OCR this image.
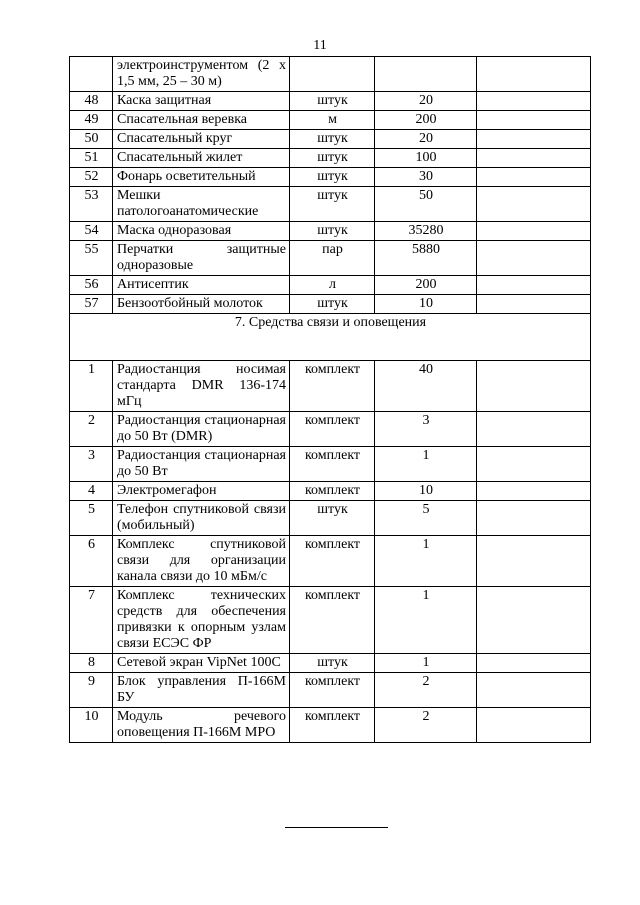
11
	электроинструментом (2 х 1,5 мм, 25 – 30 м)			
48	Каска защитная	штук	20	
49	Спасательная веревка	м	200	
50	Спасательный круг	штук	20	
51	Спасательный жилет	штук	100	
52	Фонарь осветительный	штук	30	
53	Мешки патологоанатомические	штук	50	
54	Маска одноразовая	штук	35280	
55	Перчатки защитные одноразовые	пар	5880	
56	Антисептик	л	200	
57	Бензоотбойный молоток	штук	10	
7. Средства связи и оповещения				
1	Радиостанция носимая стандарта DMR 136-174 мГц	комплект	40	
2	Радиостанция стационарная до 50 Вт (DMR)	комплект	3	
3	Радиостанция стационарная до 50 Вт	комплект	1	
4	Электромегафон	комплект	10	
5	Телефон спутниковой связи (мобильный)	штук	5	
6	Комплекс спутниковой связи для организации канала связи до 10 мБм/с	комплект	1	
7	Комплекс технических средств для обеспечения привязки к опорным узлам связи ЕСЭС ФР	комплект	1	
8	Сетевой экран VipNet 100С	штук	1	
9	Блок управления П-166М БУ	комплект	2	
10	Модуль речевого оповещения П-166М МРО	комплект	2	
